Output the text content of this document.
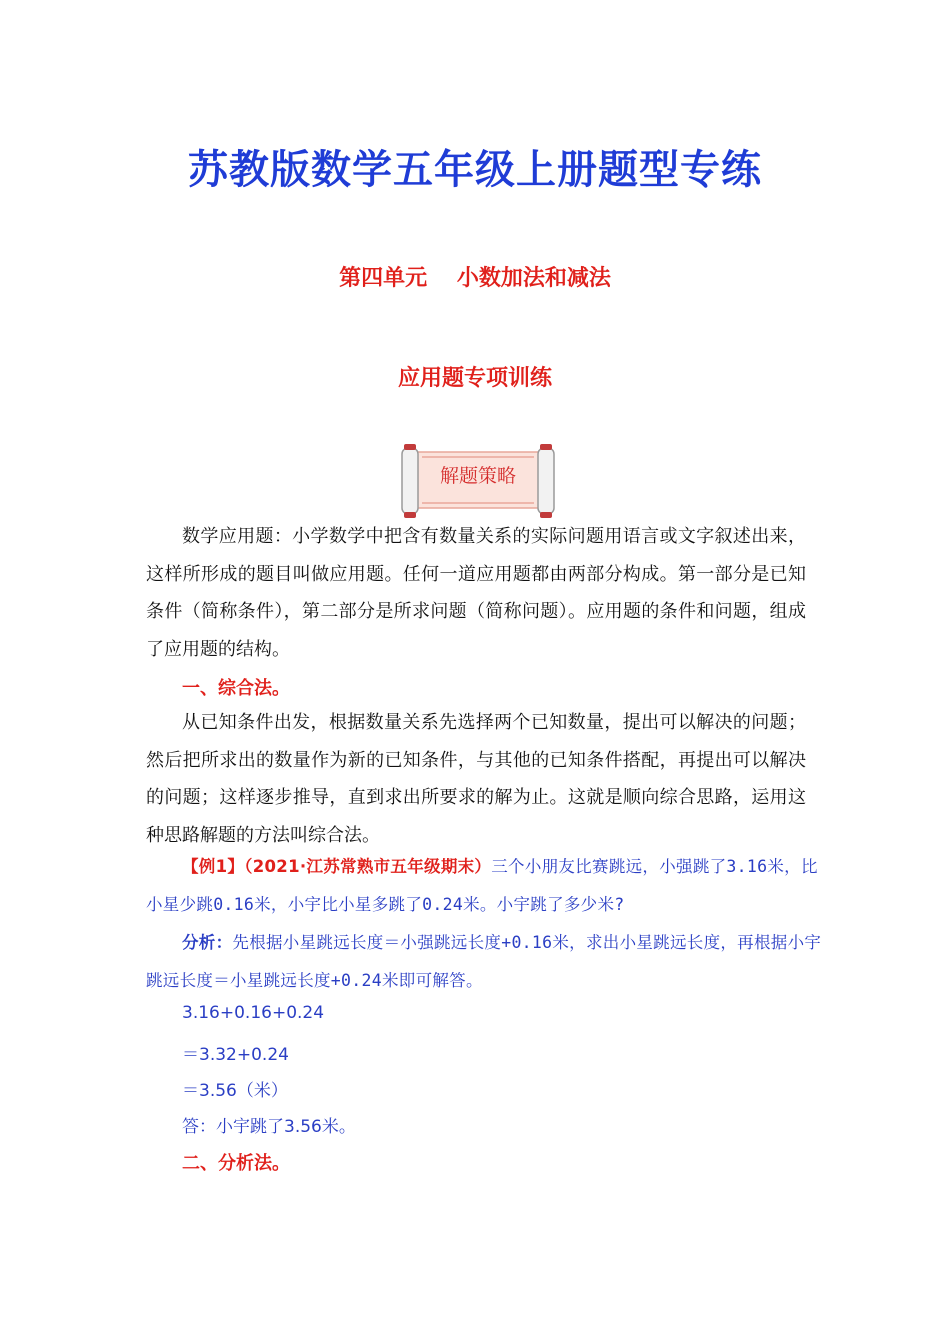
苏教版数学五年级上册题型专练
第四单元　 小数加法和减法
应用题专项训练
解题策略
数学应用题：小学数学中把含有数量关系的实际问题用语言或文字叙述出来，这样所形成的题目叫做应用题。任何一道应用题都由两部分构成。第一部分是已知条件（简称条件），第二部分是所求问题（简称问题）。应用题的条件和问题，组成了应用题的结构。
一、综合法。
从已知条件出发，根据数量关系先选择两个已知数量，提出可以解决的问题；然后把所求出的数量作为新的已知条件，与其他的已知条件搭配，再提出可以解决的问题；这样逐步推导，直到求出所要求的解为止。这就是顺向综合思路，运用这种思路解题的方法叫综合法。
【例1】（2021·江苏常熟市五年级期末）三个小朋友比赛跳远，小强跳了3.16米，比小星少跳0.16米，小宇比小星多跳了0.24米。小宇跳了多少米?
分析：先根据小星跳远长度＝小强跳远长度+0.16米，求出小星跳远长度，再根据小宇跳远长度＝小星跳远长度+0.24米即可解答。
3.16+0.16+0.24
＝3.32+0.24
＝3.56（米）
答：小宇跳了3.56米。
二、分析法。
